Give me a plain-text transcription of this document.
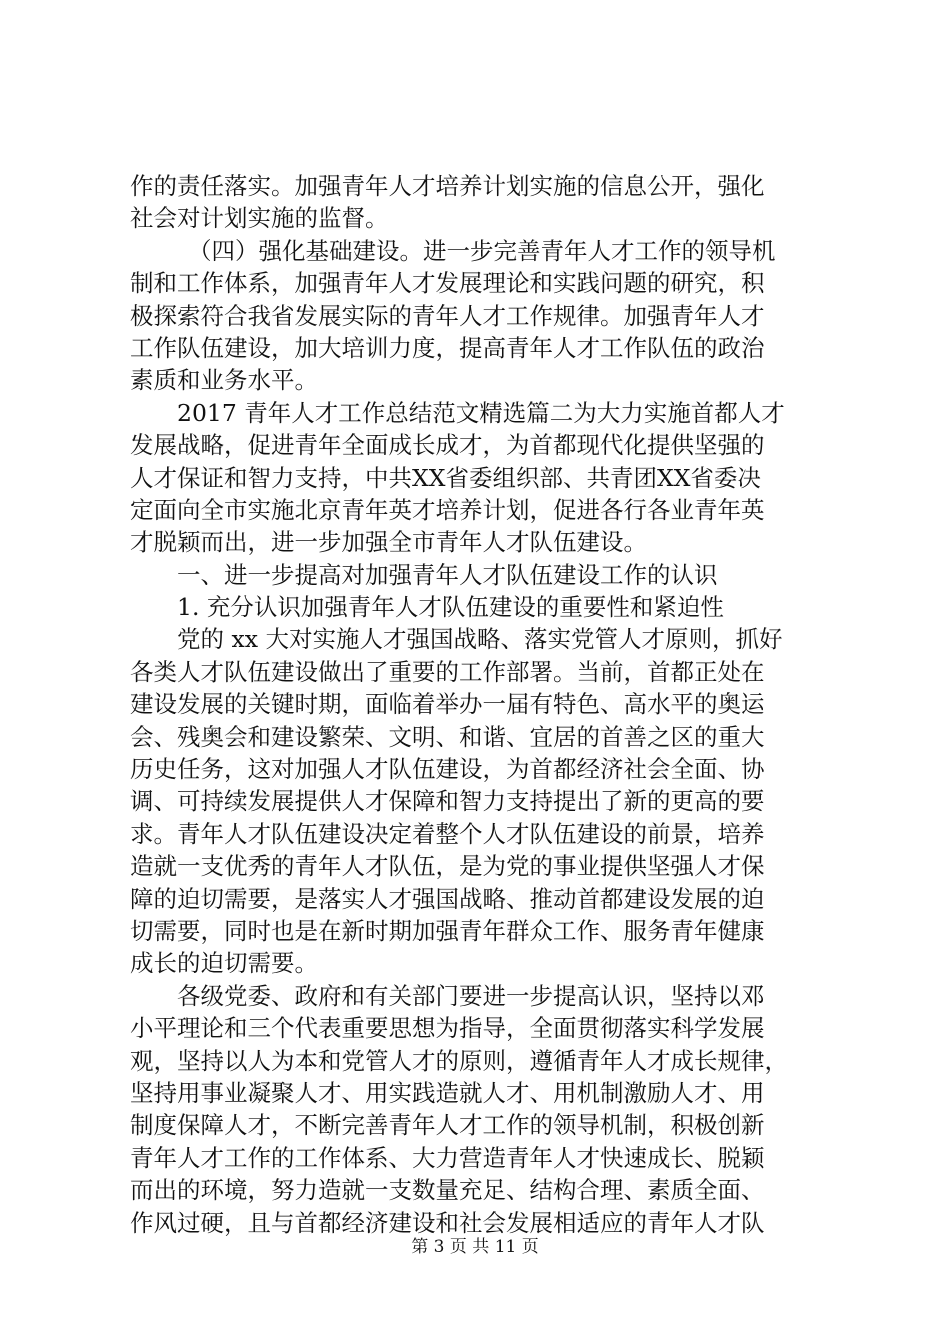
作的责任落实。加强青年人才培养计划实施的信息公开，强化
社会对计划实施的监督。
（四）强化基础建设。进一步完善青年人才工作的领导机
制和工作体系，加强青年人才发展理论和实践问题的研究，积
极探索符合我省发展实际的青年人才工作规律。加强青年人才
工作队伍建设，加大培训力度，提高青年人才工作队伍的政治
素质和业务水平。
2017 青年人才工作总结范文精选篇二为大力实施首都人才
发展战略，促进青年全面成长成才，为首都现代化提供坚强的
人才保证和智力支持，中共XX省委组织部、共青团XX省委决
定面向全市实施北京青年英才培养计划，促进各行各业青年英
才脱颖而出，进一步加强全市青年人才队伍建设。
一、进一步提高对加强青年人才队伍建设工作的认识
1. 充分认识加强青年人才队伍建设的重要性和紧迫性
党的 xx 大对实施人才强国战略、落实党管人才原则，抓好
各类人才队伍建设做出了重要的工作部署。当前，首都正处在
建设发展的关键时期，面临着举办一届有特色、高水平的奥运
会、残奥会和建设繁荣、文明、和谐、宜居的首善之区的重大
历史任务，这对加强人才队伍建设，为首都经济社会全面、协
调、可持续发展提供人才保障和智力支持提出了新的更高的要
求。青年人才队伍建设决定着整个人才队伍建设的前景，培养
造就一支优秀的青年人才队伍，是为党的事业提供坚强人才保
障的迫切需要，是落实人才强国战略、推动首都建设发展的迫
切需要，同时也是在新时期加强青年群众工作、服务青年健康
成长的迫切需要。
各级党委、政府和有关部门要进一步提高认识，坚持以邓
小平理论和三个代表重要思想为指导，全面贯彻落实科学发展
观，坚持以人为本和党管人才的原则，遵循青年人才成长规律，
坚持用事业凝聚人才、用实践造就人才、用机制激励人才、用
制度保障人才，不断完善青年人才工作的领导机制，积极创新
青年人才工作的工作体系、大力营造青年人才快速成长、脱颖
而出的环境，努力造就一支数量充足、结构合理、素质全面、
作风过硬，且与首都经济建设和社会发展相适应的青年人才队
第 3 页 共 11 页
